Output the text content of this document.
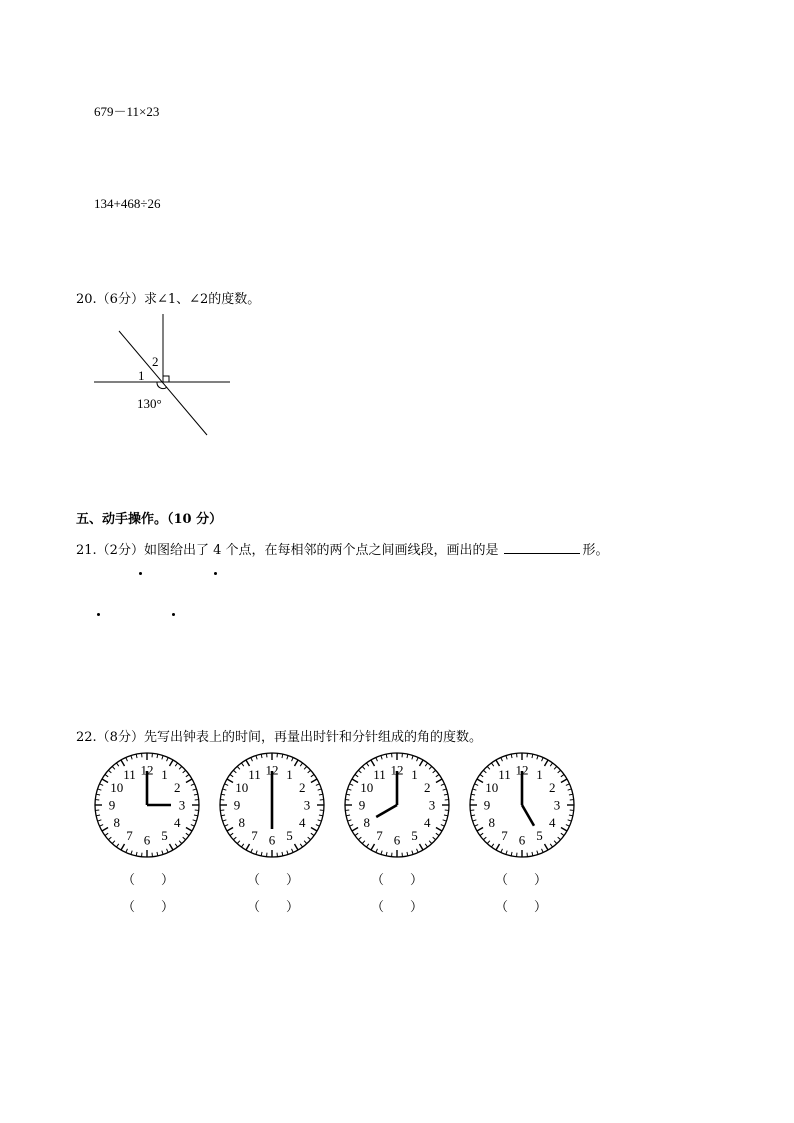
679－11×23
134+468÷26
20.（6分）求∠1、∠2的度数。
2
1
130°
五、动手操作。（10 分）
21.（2分）如图给出了 4 个点，在每相邻的两个点之间画线段，画出的是	形。
22.（8分）先写出钟表上的时间，再量出时针和分针组成的角的度数。
12 1
2
3
4
5
6
7
8
9
10
11	12 1
2
3
4
5
6
7
8
9
10
11	12 1
2
3
4
5
6
7
8
9
10
11	12 1
2
3
4
5
6
7
8
9
10
11
（　　）
（　　）
（　　）
（　　）
（　　）
（　　）
（　　）
（　　）
